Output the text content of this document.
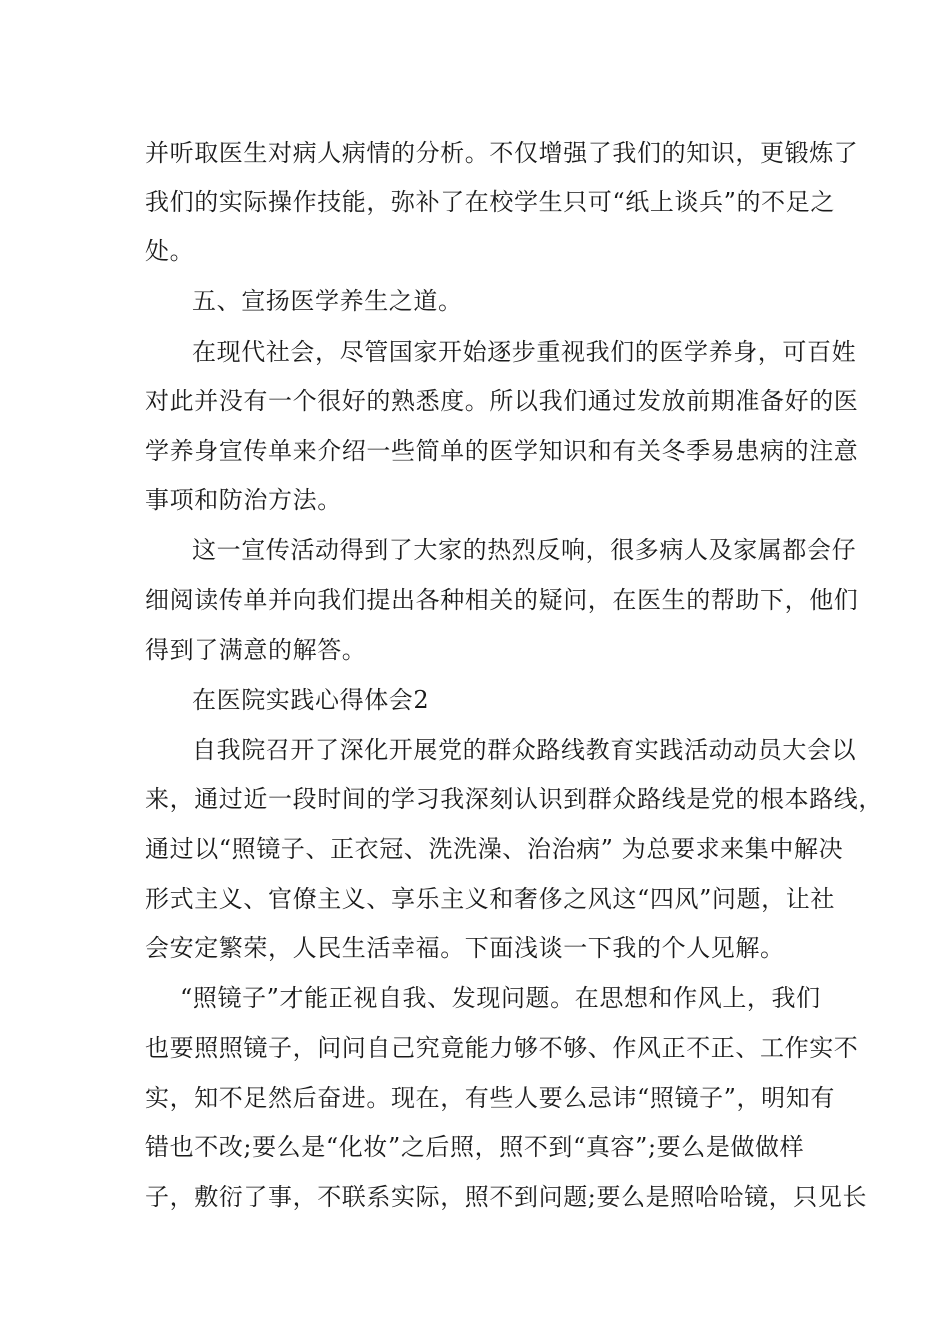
并听取医生对病人病情的分析。不仅增强了我们的知识，更锻炼了
我们的实际操作技能，弥补了在校学生只可“纸上谈兵”的不足之
处。
五、宣扬医学养生之道。
在现代社会，尽管国家开始逐步重视我们的医学养身，可百姓
对此并没有一个很好的熟悉度。所以我们通过发放前期准备好的医
学养身宣传单来介绍一些简单的医学知识和有关冬季易患病的注意
事项和防治方法。
这一宣传活动得到了大家的热烈反响，很多病人及家属都会仔
细阅读传单并向我们提出各种相关的疑问，在医生的帮助下，他们
得到了满意的解答。
在医院实践心得体会2
自我院召开了深化开展党的群众路线教育实践活动动员大会以
来，通过近一段时间的学习我深刻认识到群众路线是党的根本路线，
通过以“照镜子、正衣冠、洗洗澡、治治病” 为总要求来集中解决
形式主义、官僚主义、享乐主义和奢侈之风这“四风”问题，让社
会安定繁荣，人民生活幸福。下面浅谈一下我的个人见解。
“照镜子”才能正视自我、发现问题。在思想和作风上，我们
也要照照镜子，问问自己究竟能力够不够、作风正不正、工作实不
实，知不足然后奋进。现在，有些人要么忌讳“照镜子”，明知有
错也不改;要么是“化妆”之后照，照不到“真容”;要么是做做样
子，敷衍了事，不联系实际，照不到问题;要么是照哈哈镜，只见长
